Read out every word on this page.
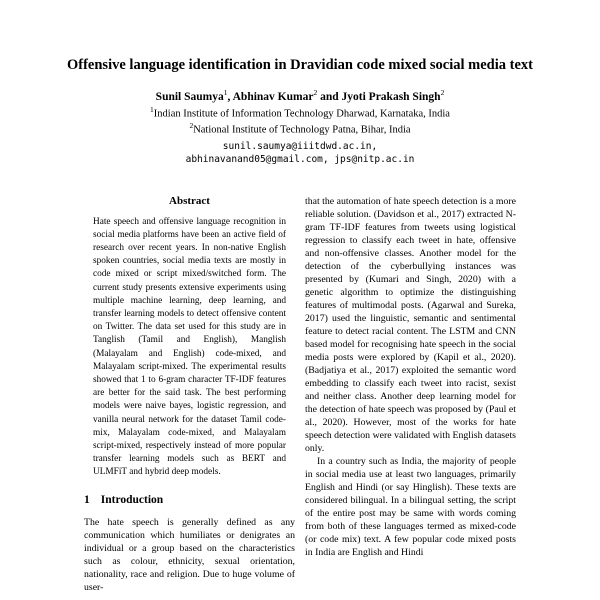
Offensive language identification in Dravidian code mixed social media text
Sunil Saumya$^1$, Abhinav Kumar$^2$ and Jyoti Prakash Singh$^2$
$^1$Indian Institute of Information Technology Dharwad, Karnataka, India
$^2$National Institute of Technology Patna, Bihar, India
sunil.saumya@iiitdwd.ac.in,
abhinavanand05@gmail.com, jps@nitp.ac.in
Abstract

Hate speech and offensive language recognition in social media platforms have been an active field of research over recent years. In non-native English spoken countries, social media texts are mostly in code mixed or script mixed/switched form. The current study presents extensive experiments using multiple machine learning, deep learning, and transfer learning models to detect offensive content on Twitter. The data set used for this study are in Tanglish (Tamil and English), Manglish (Malayalam and English) code-mixed, and Malayalam script-mixed. The experimental results showed that 1 to 6-gram character TF-IDF features are better for the said task. The best performing models were naive bayes, logistic regression, and vanilla neural network for the dataset Tamil code-mix, Malayalam code-mixed, and Malayalam script-mixed, respectively instead of more popular transfer learning models such as BERT and ULMFiT and hybrid deep models.

1 Introduction

The hate speech is generally defined as any communication which humiliates or denigrates an individual or a group based on the characteristics such as colour, ethnicity, sexual orientation, nationality, race and religion. Due to huge volume of user-

that the automation of hate speech detection is a more reliable solution. (Davidson et al., 2017) extracted N-gram TF-IDF features from tweets using logistical regression to classify each tweet in hate, offensive and non-offensive classes. Another model for the detection of the cyberbullying instances was presented by (Kumari and Singh, 2020) with a genetic algorithm to optimize the distinguishing features of multimodal posts. (Agarwal and Sureka, 2017) used the linguistic, semantic and sentimental feature to detect racial content. The LSTM and CNN based model for recognising hate speech in the social media posts were explored by (Kapil et al., 2020). (Badjatiya et al., 2017) exploited the semantic word embedding to classify each tweet into racist, sexist and neither class. Another deep learning model for the detection of hate speech was proposed by (Paul et al., 2020). However, most of the works for hate speech detection were validated with English datasets only.

In a country such as India, the majority of people in social media use at least two languages, primarily English and Hindi (or say Hinglish). These texts are considered bilingual. In a bilingual setting, the script of the entire post may be same with words coming from both of these languages termed as mixed-code (or code mix) text. A few popular code mixed posts in India are English and Hindi
